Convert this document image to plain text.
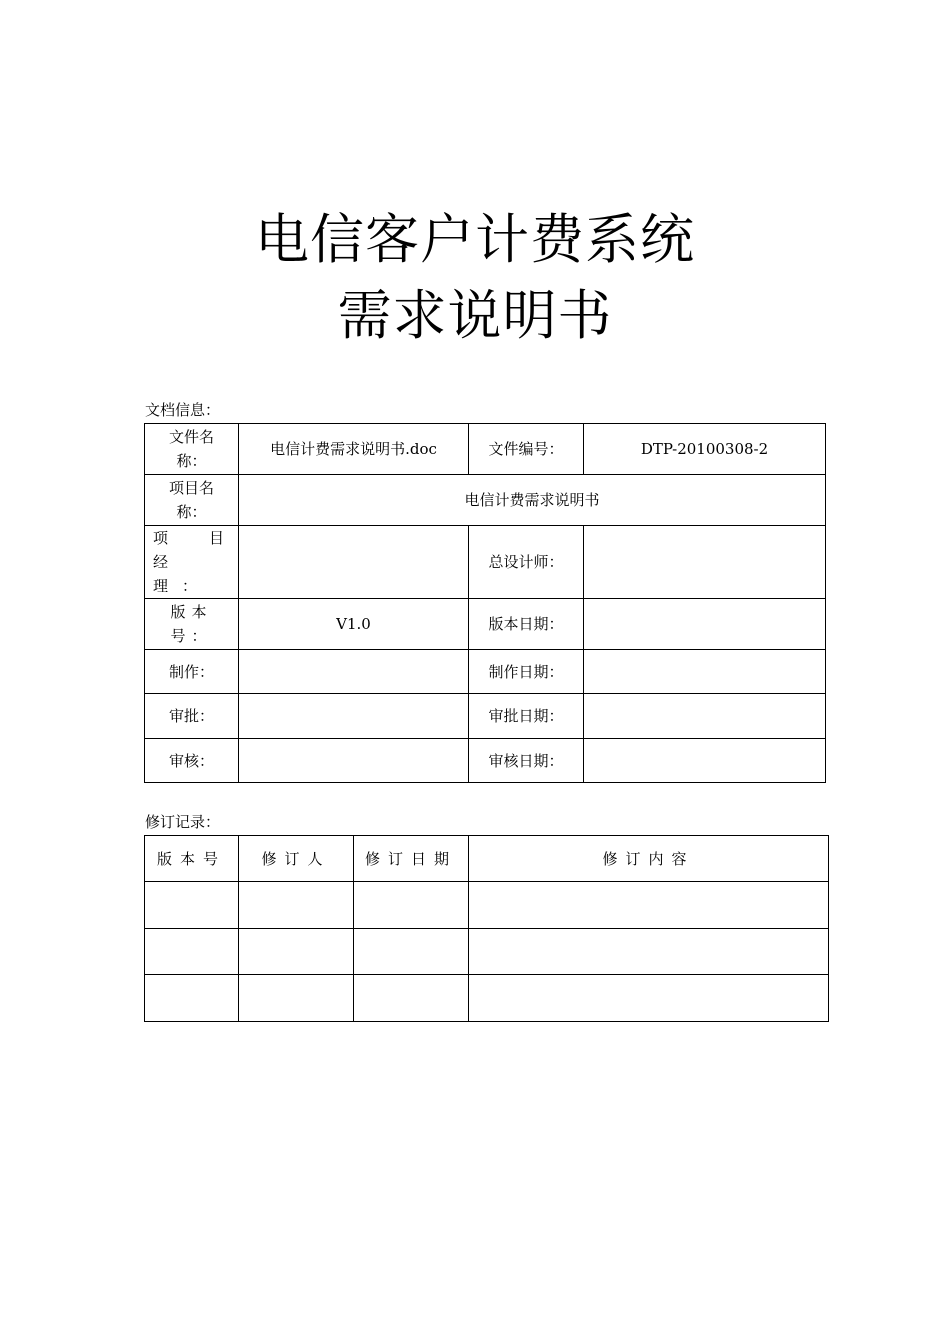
电信客户计费系统
需求说明书
文档信息：
文件名称：	电信计费需求说明书.doc	文件编号：	DTP-20100308-2
项目名称：	电信计费需求说明书		
项目经理：		总设计师：	
版本号：	V1.0	版本日期：	
制作：		制作日期：	
审批：		审批日期：	
审核：		审核日期：	
修订记录：
版本号	修订人	修订日期	修订内容
